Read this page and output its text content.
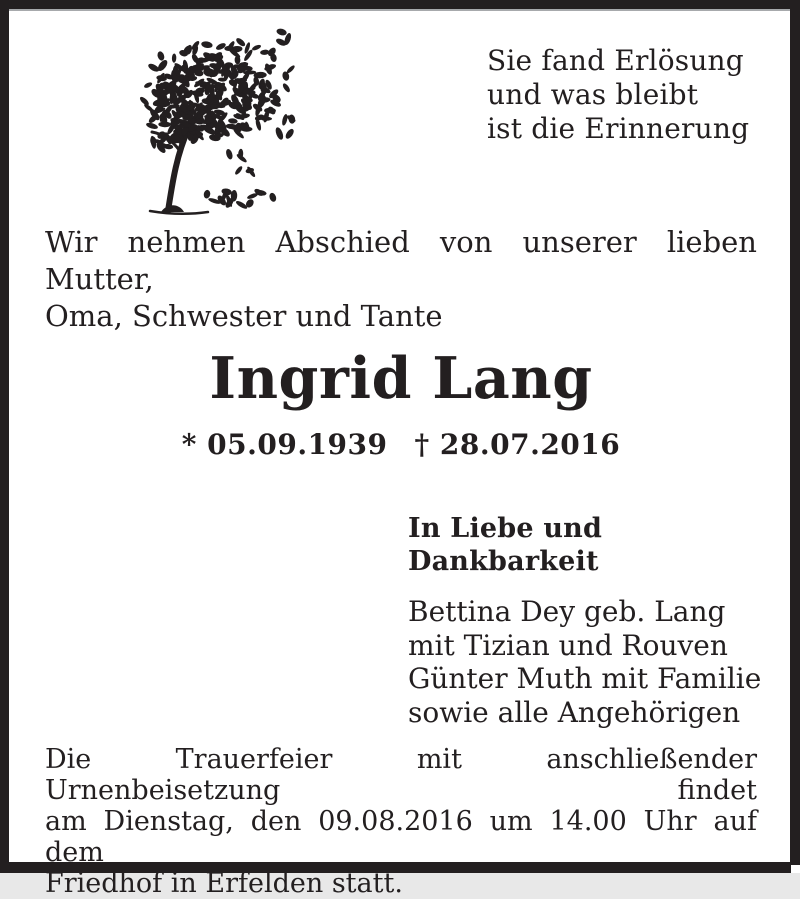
Sie fand Erlösung
und was bleibt
ist die Erinnerung
Wir nehmen Abschied von unserer lieben Mutter,
Oma, Schwester und Tante
Ingrid Lang
* 05.09.1939 † 28.07.2016
In Liebe und Dankbarkeit
Bettina Dey geb. Lang
mit Tizian und Rouven
Günter Muth mit Familie
sowie alle Angehörigen
Die Trauerfeier mit anschließender Urnenbeisetzung findet
am Dienstag, den 09.08.2016 um 14.00 Uhr auf dem
Friedhof in Erfelden statt.
